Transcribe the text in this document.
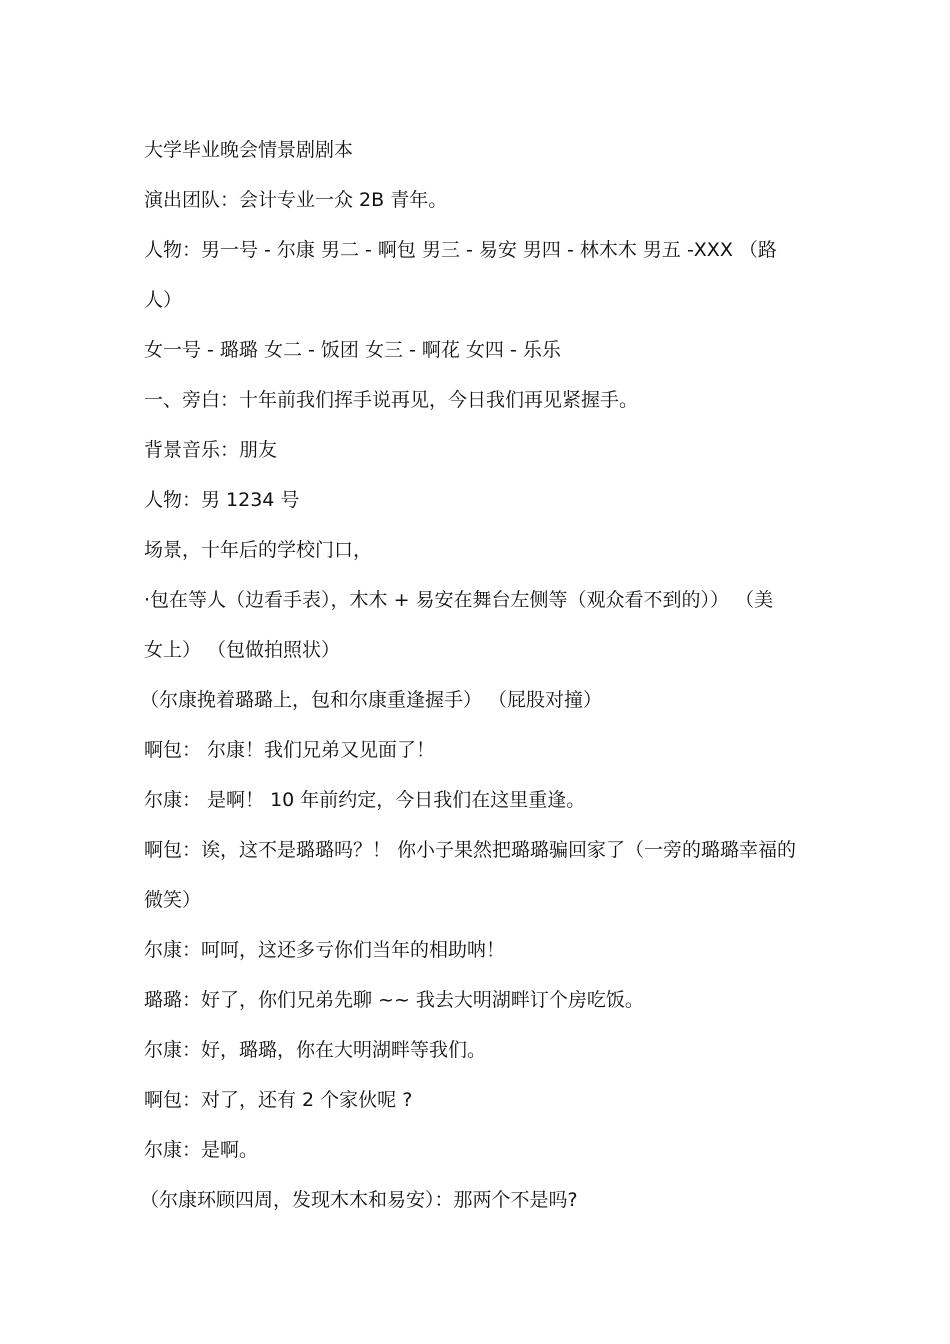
大学毕业晚会情景剧剧本
演出团队：会计专业一众 2B 青年。
人物：男一号 - 尔康 男二 - 啊包 男三 - 易安 男四 - 林木木 男五 -XXX （路
人）
女一号 - 璐璐 女二 - 饭团 女三 - 啊花 女四 - 乐乐
一、旁白：十年前我们挥手说再见，今日我们再见紧握手。
背景音乐：朋友
人物：男 1234 号
场景，十年后的学校门口，
·包在等人（边看手表），木木 + 易安在舞台左侧等（观众看不到的）） （美
女上） （包做拍照状）
（尔康挽着璐璐上，包和尔康重逢握手） （屁股对撞）
啊包： 尔康！我们兄弟又见面了！
尔康： 是啊！ 10 年前约定，今日我们在这里重逢。
啊包：诶，这不是璐璐吗？！ 你小子果然把璐璐骗回家了（一旁的璐璐幸福的
微笑）
尔康：呵呵，这还多亏你们当年的相助呐！
璐璐：好了，你们兄弟先聊 ~~ 我去大明湖畔订个房吃饭。
尔康：好，璐璐，你在大明湖畔等我们。
啊包：对了，还有 2 个家伙呢 ?
尔康：是啊。
（尔康环顾四周，发现木木和易安）：那两个不是吗?
